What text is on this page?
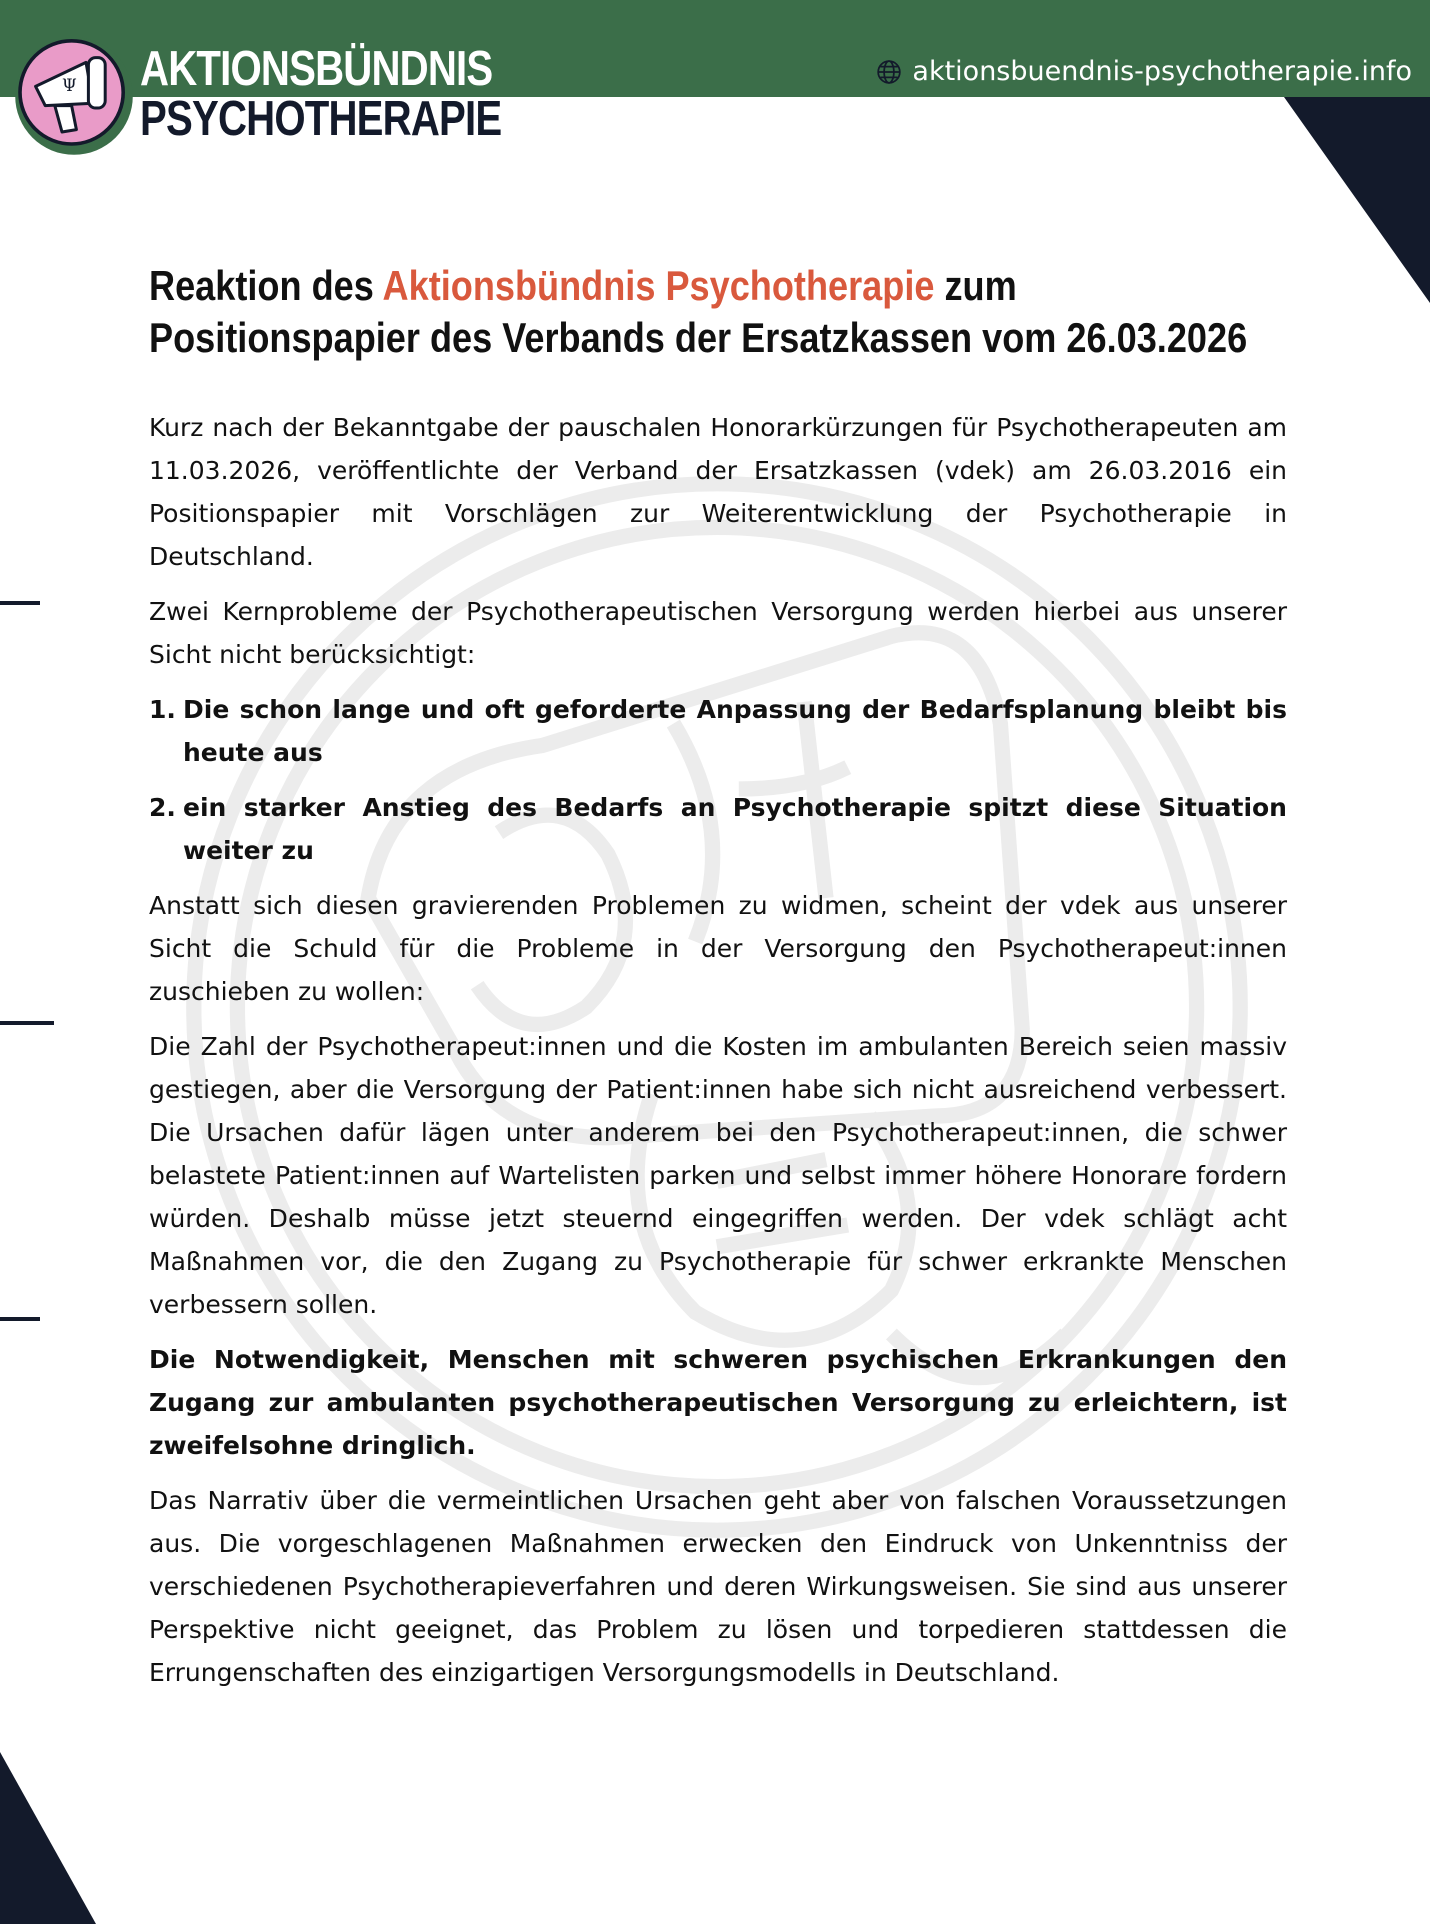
Ψ AKTIONSBÜNDNIS
PSYCHOTHERAPIE
aktionsbuendnis-psychotherapie.info
Reaktion des Aktionsbündnis Psychotherapie zum Positionspapier des Verbands der Ersatzkassen vom 26.03.2026

Kurz nach der Bekanntgabe der pauschalen Honorarkürzungen für Psychotherapeuten am 11.03.2026, veröffentlichte der Verband der Ersatzkassen (vdek) am 26.03.2016 ein Positionspapier mit Vorschlägen zur Weiterentwicklung der Psychotherapie in Deutschland.

Zwei Kernprobleme der Psychotherapeutischen Versorgung werden hierbei aus unserer Sicht nicht berücksichtigt:

1. Die schon lange und oft geforderte Anpassung der Bedarfsplanung bleibt bis heute aus
2. ein starker Anstieg des Bedarfs an Psychotherapie spitzt diese Situation weiter zu

Anstatt sich diesen gravierenden Problemen zu widmen, scheint der vdek aus unserer Sicht die Schuld für die Probleme in der Versorgung den Psychotherapeut:innen zuschieben zu wollen:

Die Zahl der Psychotherapeut:innen und die Kosten im ambulanten Bereich seien massiv gestiegen, aber die Versorgung der Patient:innen habe sich nicht ausreichend verbessert. Die Ursachen dafür lägen unter anderem bei den Psychotherapeut:innen, die schwer belastete Patient:innen auf Wartelisten parken und selbst immer höhere Honorare fordern würden. Deshalb müsse jetzt steuernd eingegriffen werden. Der vdek schlägt acht Maßnahmen vor, die den Zugang zu Psychotherapie für schwer erkrankte Menschen verbessern sollen.

Die Notwendigkeit, Menschen mit schweren psychischen Erkrankungen den Zugang zur ambulanten psychotherapeutischen Versorgung zu erleichtern, ist zweifelsohne dringlich.

Das Narrativ über die vermeintlichen Ursachen geht aber von falschen Voraussetzungen aus. Die vorgeschlagenen Maßnahmen erwecken den Eindruck von Unkenntniss der verschiedenen Psychotherapieverfahren und deren Wirkungsweisen. Sie sind aus unserer Perspektive nicht geeignet, das Problem zu lösen und torpedieren stattdessen die Errungenschaften des einzigartigen Versorgungsmodells in Deutschland.
